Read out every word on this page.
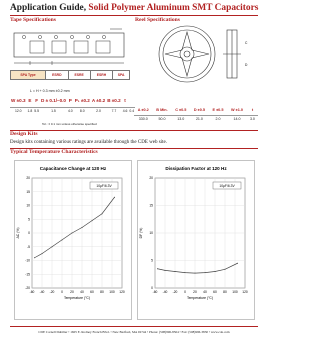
Application Guide, Solid Polymer Aluminum SMT Capacitors
Tape Specifications	Reel Specifications
C
D
SPA Type	ESRD	ESRE	ESRH	SPA
L = H + 0.3 mm ±0.2 mm
W ±0.3	E	F	D ± 0.1/–0.0	P	P₁ ±0.2	A ±0.2	B ±0.2	t	
12.0	1.8	5.5	1.5	4.0	8.0	2.0	7.7	4.6	0.4
Tol.: ± 0.1 mm unless otherwise specified
A ±0.2	B Min.	C ±0.5	D ±0.5	E ±0.5	W ±1.0	t
330.0	50.0	13.0	21.0	2.0	14.0	3.0
Design Kits
Design kits containing various ratings are available through the CDE web site.
Typical Temperature Characteristics
Capacitance Change at 120 Hz
20
15
10
5
0
-5
-10
-15
-20
-60 -40 -20 0 20 40 60 80 100 120
Temperature (°C)
ΔC (%)
10µF/6.3V
Dissipation Factor at 120 Hz
20
15
10
5
0
-60 -40 -20 0 20 40 60 80 100 120
Temperature (°C)
DF (%)
10µF/6.3V
CDE Cornell Dubilier • 1605 E. Rodney French Blvd. • New Bedford, MA 02744 • Phone: (508)996-8564 • Fax: (508)996-3830 • www.cde.com
